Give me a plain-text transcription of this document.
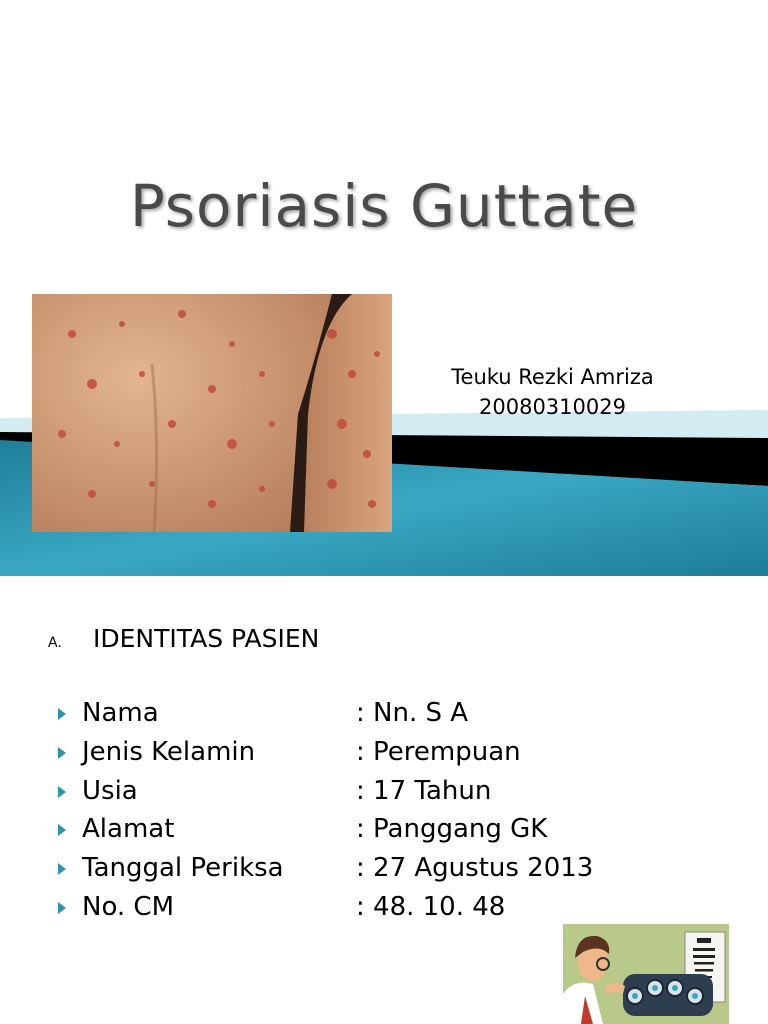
Psoriasis Guttate
Teuku Rezki Amriza
20080310029
A.	IDENTITAS PASIEN
Nama	: Nn. S A
Jenis Kelamin	: Perempuan
Usia	: 17 Tahun
Alamat	: Panggang GK
Tanggal Periksa	: 27 Agustus 2013
No. CM	: 48. 10. 48
